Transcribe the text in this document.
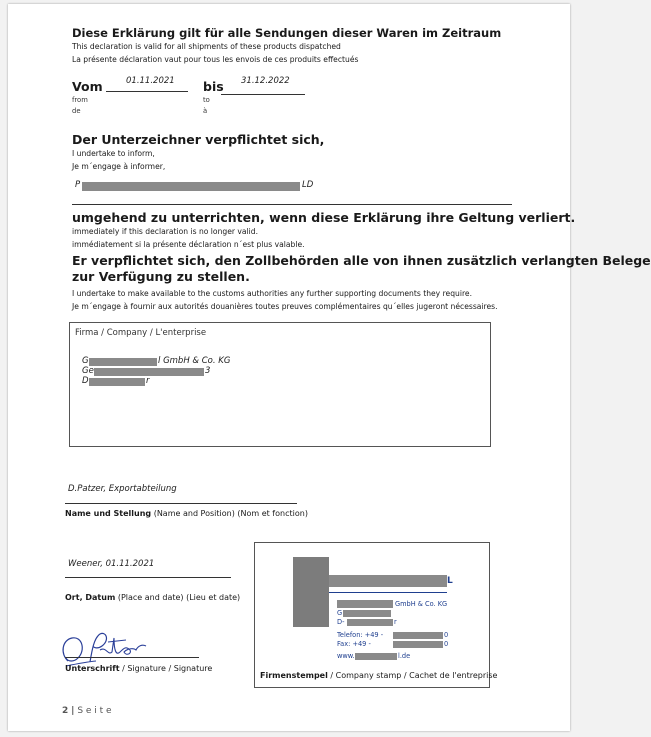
Diese Erklärung gilt für alle Sendungen dieser Waren im Zeitraum
This declaration is valid for all shipments of these products dispatched
La présente déclaration vaut pour tous les envois de ces produits effectués
Vom
from
de
01.11.2021 bis
to
à
31.12.2022
Der Unterzeichner verpflichtet sich,
I undertake to inform,
Je m´engage à informer,
P	LD
umgehend zu unterrichten, wenn diese Erklärung ihre Geltung verliert.
immediately if this declaration is no longer valid.
immédiatement si la présente déclaration n´est plus valable.
Er verpflichtet sich, den Zollbehörden alle von ihnen zusätzlich verlangten Belege
zur Verfügung zu stellen.
I undertake to make available to the customs authorities any further supporting documents they require.
Je m´engage à fournir aux autorités douanières toutes preuves complémentaires qu´elles jugeront nécessaires.
Firma / Company / L'enterprise
G	l GmbH & Co. KG
Ge	3
D	r
D.Patzer, Exportabteilung
Name und Stellung (Name and Position) (Nom et fonction)
Weener, 01.11.2021
Ort, Datum (Place and date) (Lieu et date)
Unterschrift / Signature / Signature
L
GmbH & Co. KG
G
D-	r
Telefon: +49 -	0
Fax: +49 -	0
www.	l.de
Firmenstempel / Company stamp / Cachet de l'entreprise
2 | S e i t e
